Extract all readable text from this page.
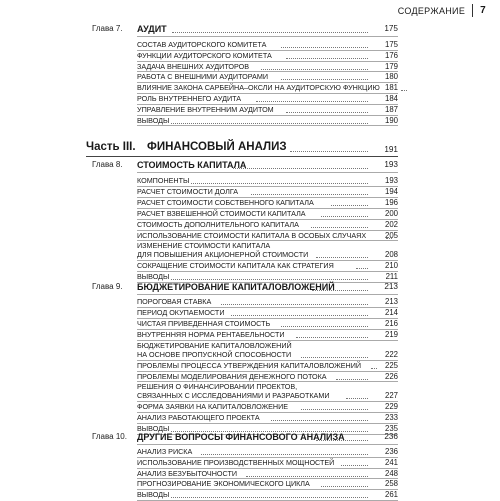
СОДЕРЖАНИЕ 7
Глава 7. АУДИТ	175
СОСТАВ АУДИТОРСКОГО КОМИТЕТА	175
ФУНКЦИИ АУДИТОРСКОГО КОМИТЕТА	176
ЗАДАЧА ВНЕШНИХ АУДИТОРОВ	179
РАБОТА С ВНЕШНИМИ АУДИТОРАМИ	180
ВЛИЯНИЕ ЗАКОНА САРБЕЙНА–ОКСЛИ НА АУДИТОРСКУЮ ФУНКЦИЮ 181
РОЛЬ ВНУТРЕННЕГО АУДИТА	184
УПРАВЛЕНИЕ ВНУТРЕННИМ АУДИТОМ	187
ВЫВОДЫ	190
Часть III. ФИНАНСОВЫЙ АНАЛИЗ	191
Глава 8. СТОИМОСТЬ КАПИТАЛА	193
КОМПОНЕНТЫ	193
РАСЧЕТ СТОИМОСТИ ДОЛГА	194
РАСЧЕТ СТОИМОСТИ СОБСТВЕННОГО КАПИТАЛА	196
РАСЧЕТ ВЗВЕШЕННОЙ СТОИМОСТИ КАПИТАЛА	200
СТОИМОСТЬ ДОПОЛНИТЕЛЬНОГО КАПИТАЛА	202
ИСПОЛЬЗОВАНИЕ СТОИМОСТИ КАПИТАЛА В ОСОБЫХ СЛУЧАЯХ	205
ИЗМЕНЕНИЕ СТОИМОСТИ КАПИТАЛА
ДЛЯ ПОВЫШЕНИЯ АКЦИОНЕРНОЙ СТОИМОСТИ	208
СОКРАЩЕНИЕ СТОИМОСТИ КАПИТАЛА КАК СТРАТЕГИЯ	210
ВЫВОДЫ	211
Глава 9. БЮДЖЕТИРОВАНИЕ КАПИТАЛОВЛОЖЕНИЙ	213
ПОРОГОВАЯ СТАВКА	213
ПЕРИОД ОКУПАЕМОСТИ	214
ЧИСТАЯ ПРИВЕДЕННАЯ СТОИМОСТЬ	216
ВНУТРЕННЯЯ НОРМА РЕНТАБЕЛЬНОСТИ	219
БЮДЖЕТИРОВАНИЕ КАПИТАЛОВЛОЖЕНИЙ
НА ОСНОВЕ ПРОПУСКНОЙ СПОСОБНОСТИ	222
ПРОБЛЕМЫ ПРОЦЕССА УТВЕРЖДЕНИЯ КАПИТАЛОВЛОЖЕНИЙ	225
ПРОБЛЕМЫ МОДЕЛИРОВАНИЯ ДЕНЕЖНОГО ПОТОКА	226
РЕШЕНИЯ О ФИНАНСИРОВАНИИ ПРОЕКТОВ,
СВЯЗАННЫХ С ИССЛЕДОВАНИЯМИ И РАЗРАБОТКАМИ	227
ФОРМА ЗАЯВКИ НА КАПИТАЛОВЛОЖЕНИЕ	229
АНАЛИЗ РАБОТАЮЩЕГО ПРОЕКТА	233
ВЫВОДЫ	235
Глава 10. ДРУГИЕ ВОПРОСЫ ФИНАНСОВОГО АНАЛИЗА	236
АНАЛИЗ РИСКА	236
ИСПОЛЬЗОВАНИЕ ПРОИЗВОДСТВЕННЫХ МОЩНОСТЕЙ	241
АНАЛИЗ БЕЗУБЫТОЧНОСТИ	248
ПРОГНОЗИРОВАНИЕ ЭКОНОМИЧЕСКОГО ЦИКЛА	258
ВЫВОДЫ	261
